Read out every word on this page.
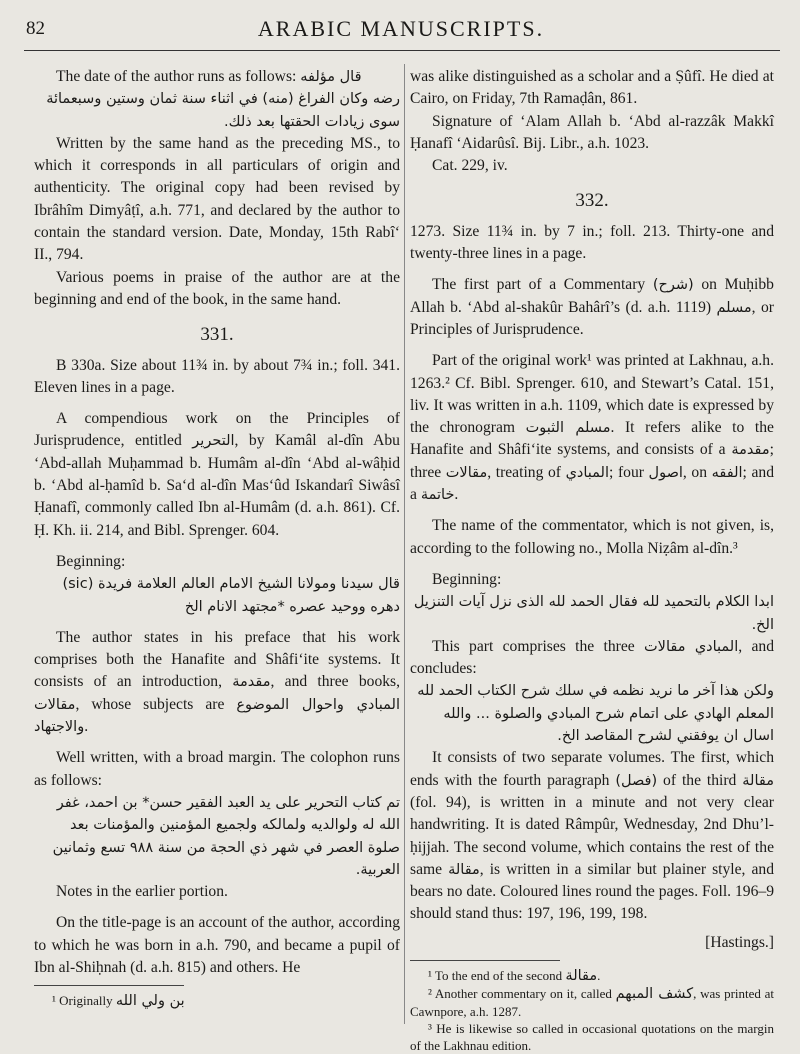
82	ARABIC MANUSCRIPTS.

The date of the author runs as follows: قال مؤلفه

رضه وكان الفراغ (منه) في اثناء سنة ثمان وستين وسبعمائة سوى زيادات الحقتها بعد ذلك.

Written by the same hand as the preceding MS., to which it corresponds in all particulars of origin and authenticity. The original copy had been revised by Ibrâhîm Dimyâṭî, a.h. 771, and declared by the author to contain the standard version. Date, Monday, 15th Rabî‘ II., 794.

Various poems in praise of the author are at the beginning and end of the book, in the same hand.

331.

B 330a. Size about 11¾ in. by about 7¾ in.; foll. 341. Eleven lines in a page.

A compendious work on the Principles of Jurisprudence, entitled التحرير, by Kamâl al-dîn Abu ‘Abd-allah Muḥammad b. Humâm al-dîn ‘Abd al-wâḥid b. ‘Abd al-ḥamîd b. Sa‘d al-dîn Mas‘ûd Iskandarî Siwâsî Ḥanafî, commonly called Ibn al-Humâm (d. a.h. 861). Cf. Ḥ. Kh. ii. 214, and Bibl. Sprenger. 604.

Beginning:

قال سيدنا ومولانا الشيخ الامام العالم العلامة فريدة (sic) دهره ووحيد عصره *مجتهد الانام الخ

The author states in his preface that his work comprises both the Hanafite and Shâfi‘ite systems. It consists of an introduction, مقدمة, and three books, مقالات, whose subjects are المبادي واحوال الموضوع والاجتهاد.

Well written, with a broad margin. The colophon runs as follows:

تم كتاب التحرير على يد العبد الفقير حسن* بن احمد، غفر الله له ولوالديه ولمالكه ولجميع المؤمنين والمؤمنات بعد صلوة العصر في شهر ذي الحجة من سنة ٩٨٨ تسع وثمانين العربية.

Notes in the earlier portion.

On the title-page is an account of the author, according to which he was born in a.h. 790, and became a pupil of Ibn al-Shiḥnah (d. a.h. 815) and others. He

¹ Originally بن ولي الله

was alike distinguished as a scholar and a Ṣûfî. He died at Cairo, on Friday, 7th Ramaḍân, 861.

Signature of ‘Alam Allah b. ‘Abd al-razzâk Makkî Ḥanafî ‘Aidarûsî. Bij. Libr., a.h. 1023.

Cat. 229, iv.

332.

1273. Size 11¾ in. by 7 in.; foll. 213. Thirty-one and twenty-three lines in a page.

The first part of a Commentary (شرح) on Muḥibb Allah b. ‘Abd al-shakûr Bahârî’s (d. a.h. 1119) مسلم, or Principles of Jurisprudence.

Part of the original work¹ was printed at Lakhnau, a.h. 1263.² Cf. Bibl. Sprenger. 610, and Stewart’s Catal. 151, liv. It was written in a.h. 1109, which date is expressed by the chronogram مسلم الثبوت. It refers alike to the Hanafite and Shâfi‘ite systems, and consists of a مقدمة; three مقالات, treating of المبادي; four اصول, on الفقه; and a خاتمة.

The name of the commentator, which is not given, is, according to the following no., Molla Niẓâm al-dîn.³

Beginning:

ابدا الكلام بالتحميد لله فقال الحمد لله الذى نزل آيات التنزيل الخ.

This part comprises the three	المبادي مقالات	, and concludes:

ولكن هذا آخر ما نريد نظمه في سلك شرح الكتاب الحمد لله المعلم الهادي على اتمام شرح المبادي والصلوة ... والله اسال ان يوفقني لشرح المقاصد الخ.

It consists of two separate volumes. The first, which ends with the fourth paragraph (فصل) of the third مقالة (fol. 94), is written in a minute and not very clear handwriting. It is dated Râmpûr, Wednesday, 2nd Dhu’l-ḥijjah. The second volume, which contains the rest of the same مقالة, is written in a similar but plainer style, and bears no date. Coloured lines round the pages. Foll. 196–9 should stand thus: 197, 196, 199, 198.

[Hastings.]

¹ To the end of the second مقالة.

² Another commentary on it, called كشف المبهم, was printed at Cawnpore, a.h. 1287.

³ He is likewise so called in occasional quotations on the margin of the Lakhnau edition.
